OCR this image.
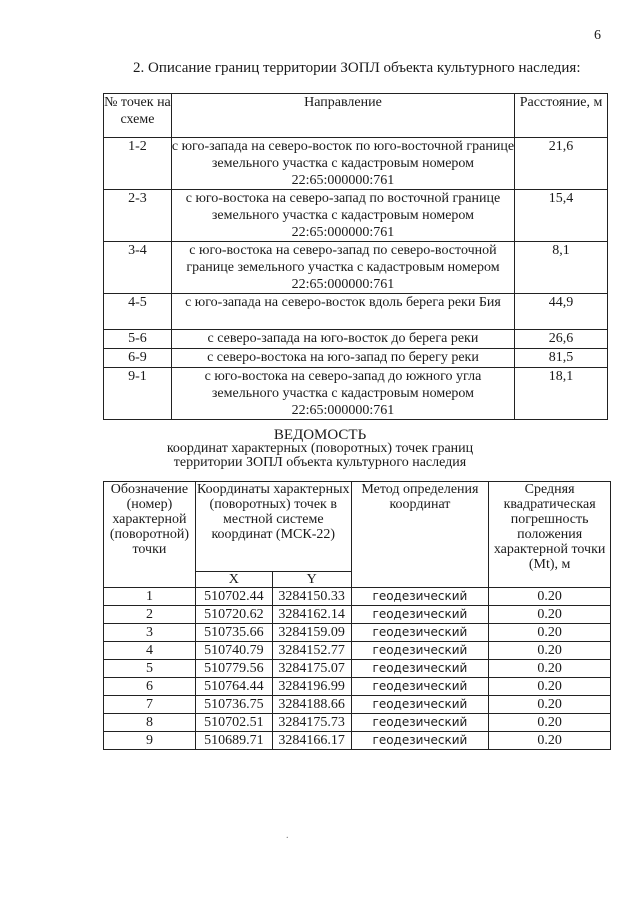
6
2. Описание границ территории ЗОПЛ объекта культурного наследия:
№ точек на схеме	Направление	Расстояние, м
1-2	с юго-запада на северо-восток по юго-восточной границе земельного участка с кадастровым номером 22:65:000000:761	21,6
2-3	с юго-востока на северо-запад по восточной границе земельного участка с кадастровым номером 22:65:000000:761	15,4
3-4	с юго-востока на северо-запад по северо-восточной границе земельного участка с кадастровым номером 22:65:000000:761	8,1
4-5	с юго-запада на северо-восток вдоль берега реки Бия	44,9
5-6	с северо-запада на юго-восток до берега реки	26,6
6-9	с северо-востока на юго-запад по берегу реки	81,5
9-1	с юго-востока на северо-запад до южного угла земельного участка с кадастровым номером 22:65:000000:761	18,1
ВЕДОМОСТЬ
координат характерных (поворотных) точек границ
территории ЗОПЛ объекта культурного наследия
Обозначение (номер) характерной (поворотной) точки	Координаты характерных (поворотных) точек в местной системе координат (МСК-22)		Метод определения координат	Средняя квадратическая погрешность положения характерной точки (Mt), м
	X	Y		
1	510702.44	3284150.33	геодезический	0.20
2	510720.62	3284162.14	геодезический	0.20
3	510735.66	3284159.09	геодезический	0.20
4	510740.79	3284152.77	геодезический	0.20
5	510779.56	3284175.07	геодезический	0.20
6	510764.44	3284196.99	геодезический	0.20
7	510736.75	3284188.66	геодезический	0.20
8	510702.51	3284175.73	геодезический	0.20
9	510689.71	3284166.17	геодезический	0.20
.
